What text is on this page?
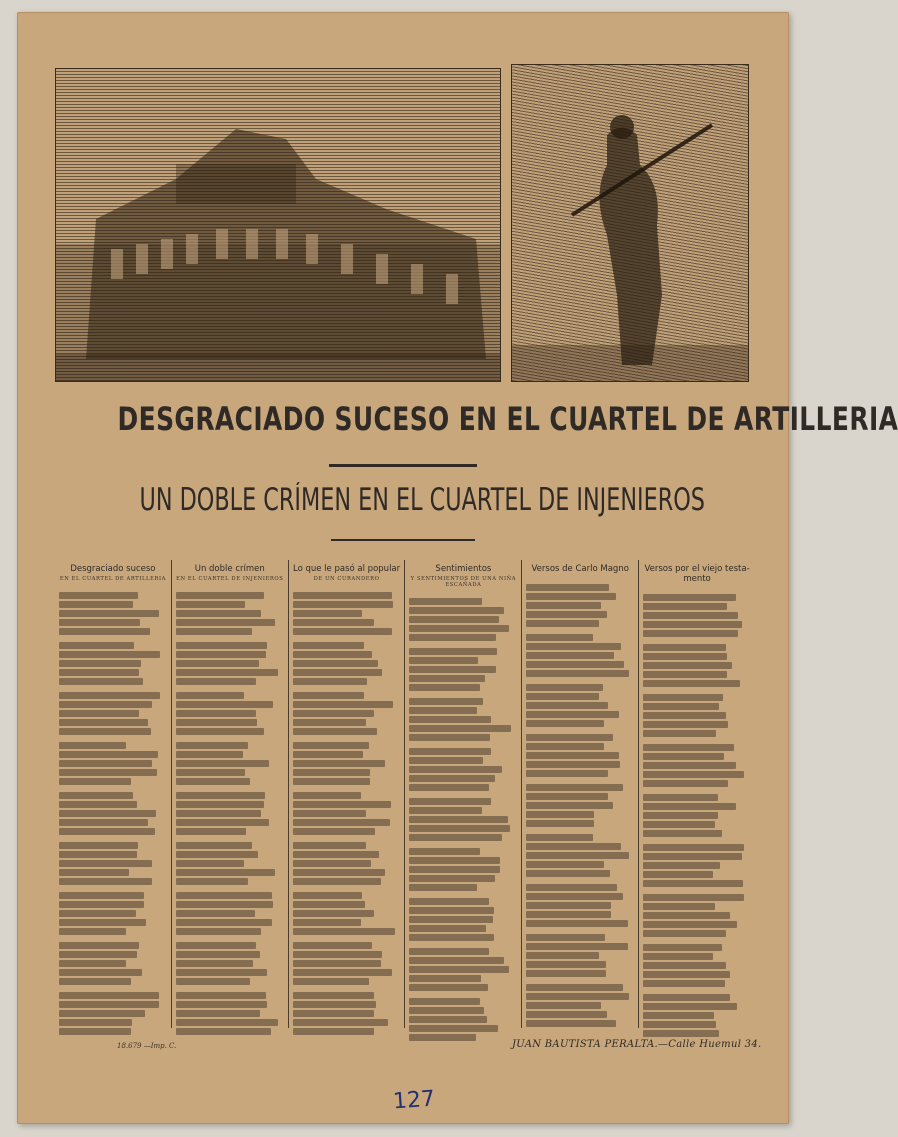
DESGRACIADO SUCESO EN EL CUARTEL DE ARTILLERIA
UN DOBLE CRÍMEN EN EL CUARTEL DE INJENIEROS
Desgraciado suceso
EN EL CUARTEL DE ARTILLERIA
Un doble crímen
EN EL CUARTEL DE INJENIEROS
Lo que le pasó al popular
DE UN CURANDERO
Sentimientos
Y SENTIMIENTOS DE UNA NIÑA ESCAÑADA
Versos de Carlo Magno	Versos por el viejo testa-mento
18.679 —Imp. C.	JUAN BAUTISTA PERALTA.—Calle Huemul 34.
127
